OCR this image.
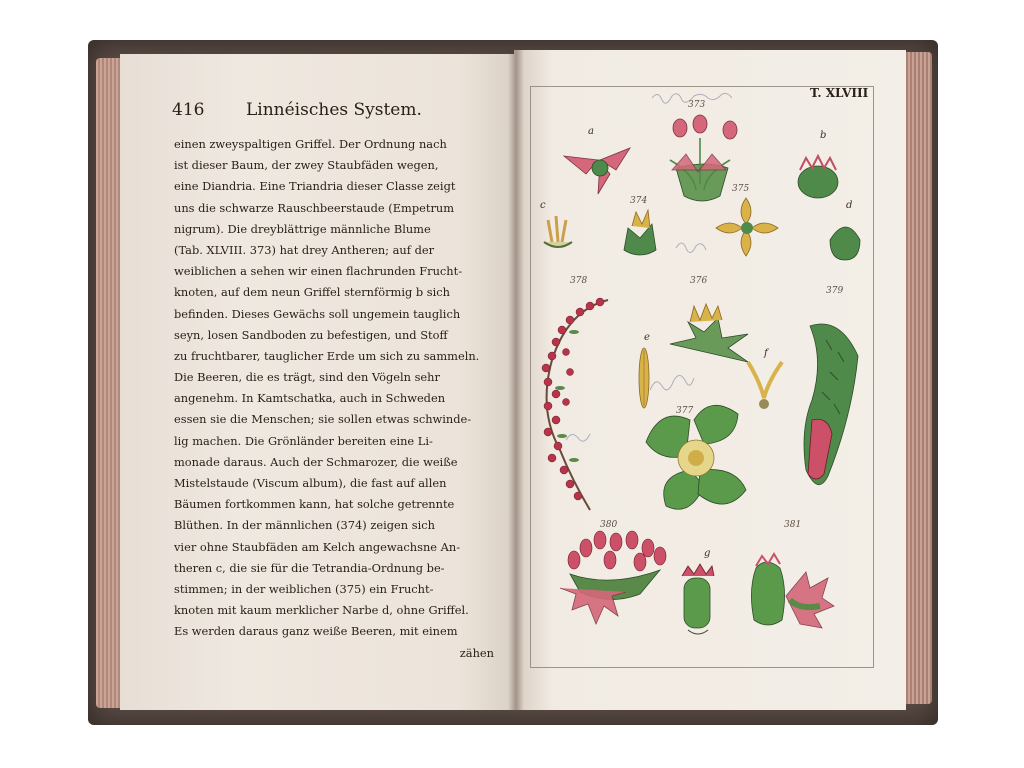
416 Linnéisches System.
einen zweyspaltigen Griffel. Der Ordnung nach
ist dieser Baum, der zwey Staubfäden wegen,
eine Diandria. Eine Triandria dieser Classe zeigt
uns die schwarze Rauschbeerstaude (Empetrum
nigrum). Die dreyblättrige männliche Blume
(Tab. XLVIII. 373) hat drey Antheren; auf der
weiblichen a sehen wir einen flachrunden Frucht-
knoten, auf dem neun Griffel sternförmig b sich
befinden. Dieses Gewächs soll ungemein tauglich
seyn, losen Sandboden zu befestigen, und Stoff
zu fruchtbarer, tauglicher Erde um sich zu sammeln.
Die Beeren, die es trägt, sind den Vögeln sehr
angenehm. In Kamtschatka, auch in Schweden
essen sie die Menschen; sie sollen etwas schwinde-
lig machen. Die Grönländer bereiten eine Li-
monade daraus. Auch der Schmarozer, die weiße
Mistelstaude (Viscum album), die fast auf allen
Bäumen fortkommen kann, hat solche getrennte
Blüthen. In der männlichen (374) zeigen sich
vier ohne Staubfäden am Kelch angewachsne An-
theren c, die sie für die Tetrandia-Ordnung be-
stimmen; in der weiblichen (375) ein Frucht-
knoten mit kaum merklicher Narbe d, ohne Griffel.
Es werden daraus ganz weiße Beeren, mit einem
zähen
T. XLVIII
a	b
c	d
e
f
g
373
374
375
376
377
378
379
380	381
